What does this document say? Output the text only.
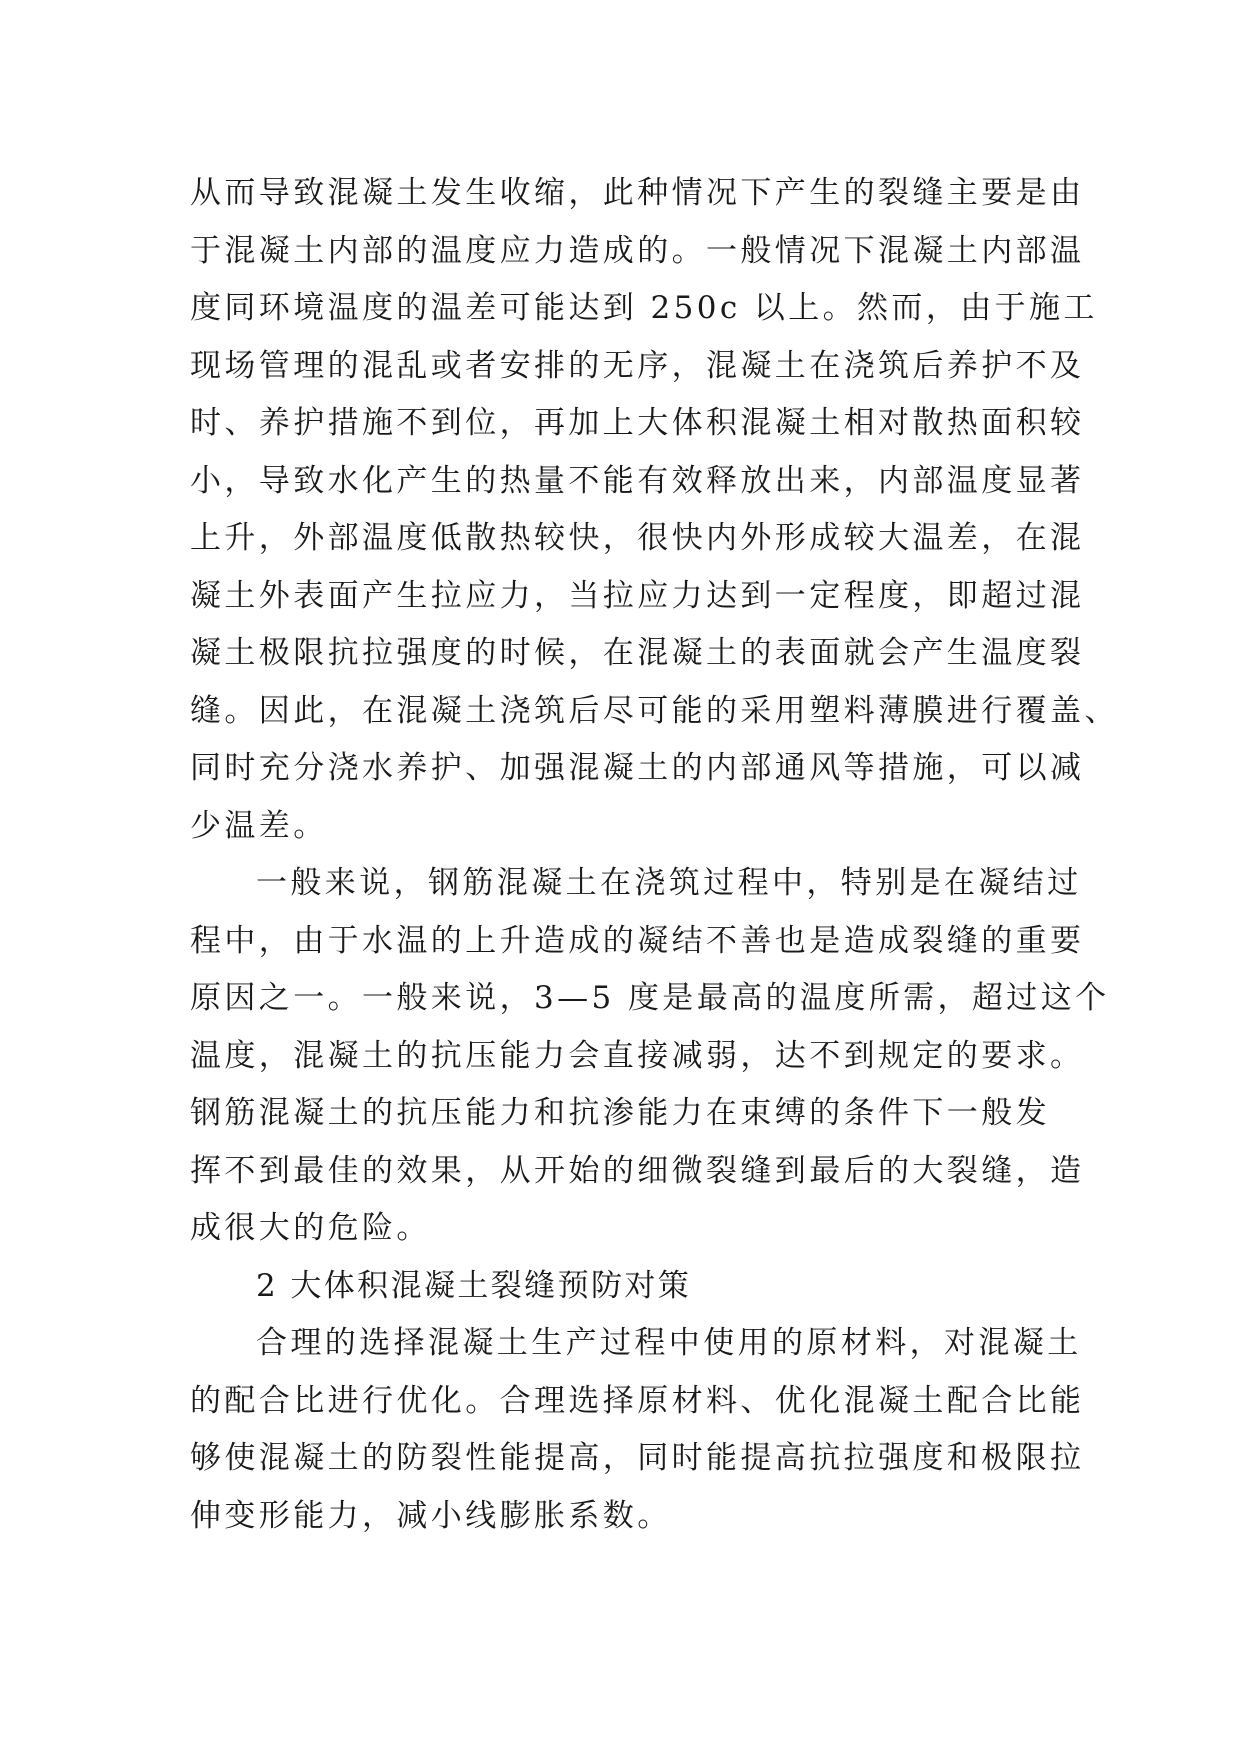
从而导致混凝土发生收缩，此种情况下产生的裂缝主要是由
于混凝土内部的温度应力造成的。一般情况下混凝土内部温
度同环境温度的温差可能达到 250c 以上。然而，由于施工
现场管理的混乱或者安排的无序，混凝土在浇筑后养护不及
时、养护措施不到位，再加上大体积混凝土相对散热面积较
小，导致水化产生的热量不能有效释放出来，内部温度显著
上升，外部温度低散热较快，很快内外形成较大温差，在混
凝土外表面产生拉应力，当拉应力达到一定程度，即超过混
凝土极限抗拉强度的时候，在混凝土的表面就会产生温度裂
缝。因此，在混凝土浇筑后尽可能的采用塑料薄膜进行覆盖、
同时充分浇水养护、加强混凝土的内部通风等措施，可以减
少温差。
一般来说，钢筋混凝土在浇筑过程中，特别是在凝结过
程中，由于水温的上升造成的凝结不善也是造成裂缝的重要
原因之一。一般来说，3—5 度是最高的温度所需，超过这个
温度，混凝土的抗压能力会直接减弱，达不到规定的要求。
钢筋混凝土的抗压能力和抗渗能力在束缚的条件下一般发
挥不到最佳的效果，从开始的细微裂缝到最后的大裂缝，造
成很大的危险。
2 大体积混凝土裂缝预防对策
合理的选择混凝土生产过程中使用的原材料，对混凝土
的配合比进行优化。合理选择原材料、优化混凝土配合比能
够使混凝土的防裂性能提高，同时能提高抗拉强度和极限拉
伸变形能力，减小线膨胀系数。
